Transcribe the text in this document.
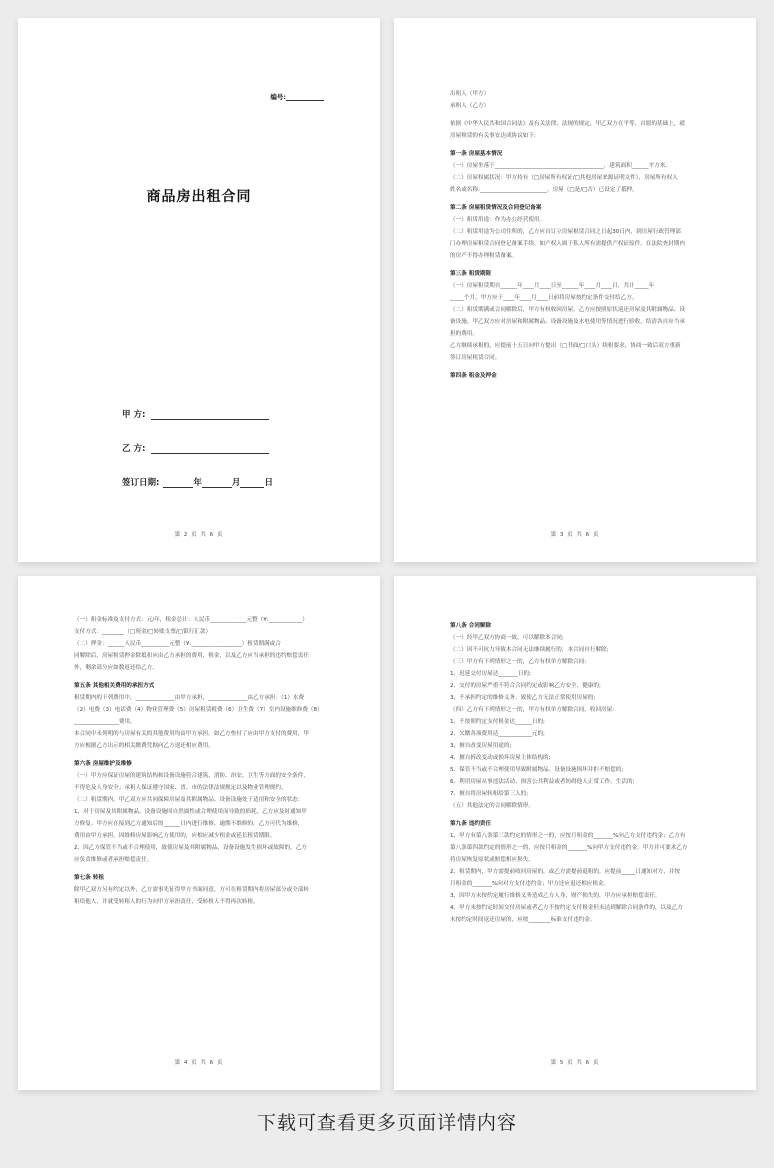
编号:
商品房出租合同
甲 方:
乙 方:
签订日期:	年	月	日
第 2 页 共 6 页

出租人（甲方）

承租人（乙方）

依据《中华人民共和国合同法》及有关法律、法规的规定，甲乙双方在平等、自愿的基础上，就

房屋租赁的有关事宜达成协议如下:

第一条 房屋基本情况

（一）房屋坐落于_______________________________________，建筑面积______平方米。

（二）房屋权属状况：甲方持有（□房屋所有权证/□其他房屋来源证明文件），房屋所有权人

姓名或名称:________________________，房屋（□是/□否）已设定了抵押。

第二条 房屋租赁情况及合同登记备案

（一）租赁用途：作为办公经营使用。

（二）租赁用途为公司住所的，乙方应自订立房屋租赁合同之日起30日内，到房屋行政管理部

门办理房屋租赁合同登记备案手续。如产权人属于私人所有需提供产权证原件，在法院查封期内

的房产不得办理租赁备案。

第三条 租赁期限

（一）房屋租赁期自______年____月____日至______年____月____日，共计_____年

_____个月。甲方应于____年____月____日前将房屋按约定条件交付给乙方。

（二）租赁期满或合同解除后，甲方有权收回房屋，乙方应按照原状返还房屋及其附属物品、设

备设施。甲乙双方应对房屋和附属物品、设备设施及水电使用等情况进行验收，结清各自应当承

担的费用。

乙方继续承租的，应提前十五日向甲方提出（□书面/□口头）续租要求，协商一致后双方重新

签订房屋租赁合同。

第四条 租金及押金

第 3 页 共 6 页

（一）租金标准及支付方式：元/年，租金总计：人民币_____________元整（¥:____________）

支付方式：________（□现金/□转账支票/□银行汇款）

（二）押金：______人民币__________元整（¥:__________________）租赁期满或合

同解除后，房屋租赁押金除抵扣应由乙方承担的费用、租金，以及乙方应当承担的违约赔偿责任

外，剩余部分应如数返还给乙方。

第五条 其他相关费用的承担方式

租赁期内的下列费用中，______________由甲方承担，______________由乙方承担：（1）水费

（2）电费（3）电话费（4）物业管理费（5）房屋租赁税费（6）卫生费（7）室内设施维修费（8）

________________费用。

本合同中未列明的与房屋有关的其他费用均由甲方承担。如乙方垫付了应由甲方支付的费用，甲

方应根据乙方出示的相关缴费凭据向乙方返还相应费用。

第六条 房屋维护及维修

（一）甲方应保证房屋的建筑结构和设备设施符合建筑、消防、治安、卫生等方面的安全条件，

不得危及人身安全；承租人保证遵守国家、省、市的法律法规规定以及物业管理规约。

（二）租赁期内，甲乙双方应共同保障房屋及其附属物品、设备设施处于适用和安全的状态：

1、对于房屋及其附属物品、设备设施因自然属性或合理使用而导致的损耗，乙方应及时通知甲

方修复。甲方应在接到乙方通知后的______日内进行维修。逾期不维修的，乙方可代为维修，

费用由甲方承担。因维修房屋影响乙方使用的，应相应减少租金或延长租赁期限。

2、因乙方保管不当或不合理使用，致使房屋及其附属物品、设备设施发生损坏或故障的，乙方

应负责维修或者承担赔偿责任。

第七条 转租

除甲乙双方另有约定以外，乙方需事先征得甲方书面同意，方可在租赁期内将房屋部分或全部转

租给他人，并就受转租人的行为向甲方承担责任，受转租人不得再次转租。

第 4 页 共 6 页

第八条 合同解除

（一）经甲乙双方协商一致，可以解除本合同;

（二）因不可抗力导致本合同无法继续履行的，本合同自行解除;

（三）甲方有下列情形之一的，乙方有权单方解除合同:

1、迟延交付房屋达_______日的;

2、交付的房屋严重不符合合同约定或影响乙方安全、健康的;

3、不承担约定的维修义务，致使乙方无法正常使用房屋的;

（四）乙方有下列情形之一的，甲方有权单方解除合同，收回房屋:

1、不按照约定支付租金达______日的;

2、欠缴各项费用达____________元的;

3、擅自改变房屋用途的;

4、擅自拆改变动或损坏房屋主体结构的;

5、保管不当或不合理使用导致附属物品、设备设施损坏并拒不赔偿的;

6、利用房屋从事违法活动、损害公共利益或者妨碍他人正常工作、生活的;

7、擅自将房屋转租给第三人的;

（五）其他法定的合同解除情形。

第九条 违约责任

1、甲方有第八条第三款约定的情形之一的，应按月租金的_______%向乙方支付违约金；乙方有

第八条第四款约定的情形之一的，应按月租金的_______%向甲方支付违约金，甲方并可要求乙方

将房屋恢复原状或赔偿相应损失。

2、租赁期内，甲方需提前收回房屋的，或乙方需提前退租的，应提前_____日通知对方，并按

月租金的_______%向对方支付违约金；甲方还应退还相应租金。

3、因甲方未按约定履行维修义务造成乙方人身、财产损失的，甲方应承担赔偿责任。

4、甲方未按约定时间交付房屋或者乙方不按约定支付租金但未达到解除合同条件的，以及乙方

未按约定时间返还房屋的，应按________标准支付违约金。

第 5 页 共 6 页
下载可查看更多页面详情内容
